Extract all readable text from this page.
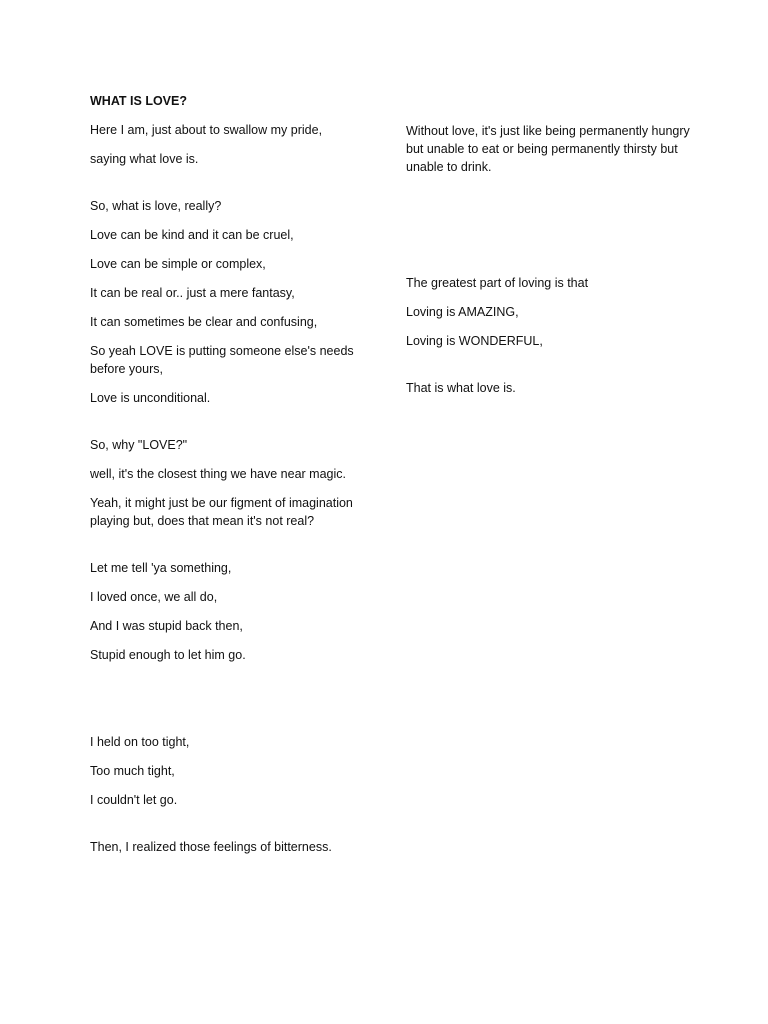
WHAT IS LOVE?

Here I am, just about to swallow my pride,

saying what love is.

So, what is love, really?

Love can be kind and it can be cruel,

Love can be simple or complex,

It can be real or.. just a mere fantasy,

It can sometimes be clear and confusing,

So yeah LOVE is putting someone else's needs before yours,

Love is unconditional.

So, why "LOVE?"

well, it's the closest thing we have near magic.

Yeah, it might just be our figment of imagination playing but, does that mean it's not real?

Let me tell 'ya something,

I loved once, we all do,

And I was stupid back then,

Stupid enough to let him go.

I held on too tight,

Too much tight,

I couldn't let go.

Then, I realized those feelings of bitterness.

Without love, it's just like being permanently hungry but unable to eat or being permanently thirsty but unable to drink.

The greatest part of loving is that

Loving is AMAZING,

Loving is WONDERFUL,

That is what love is.
